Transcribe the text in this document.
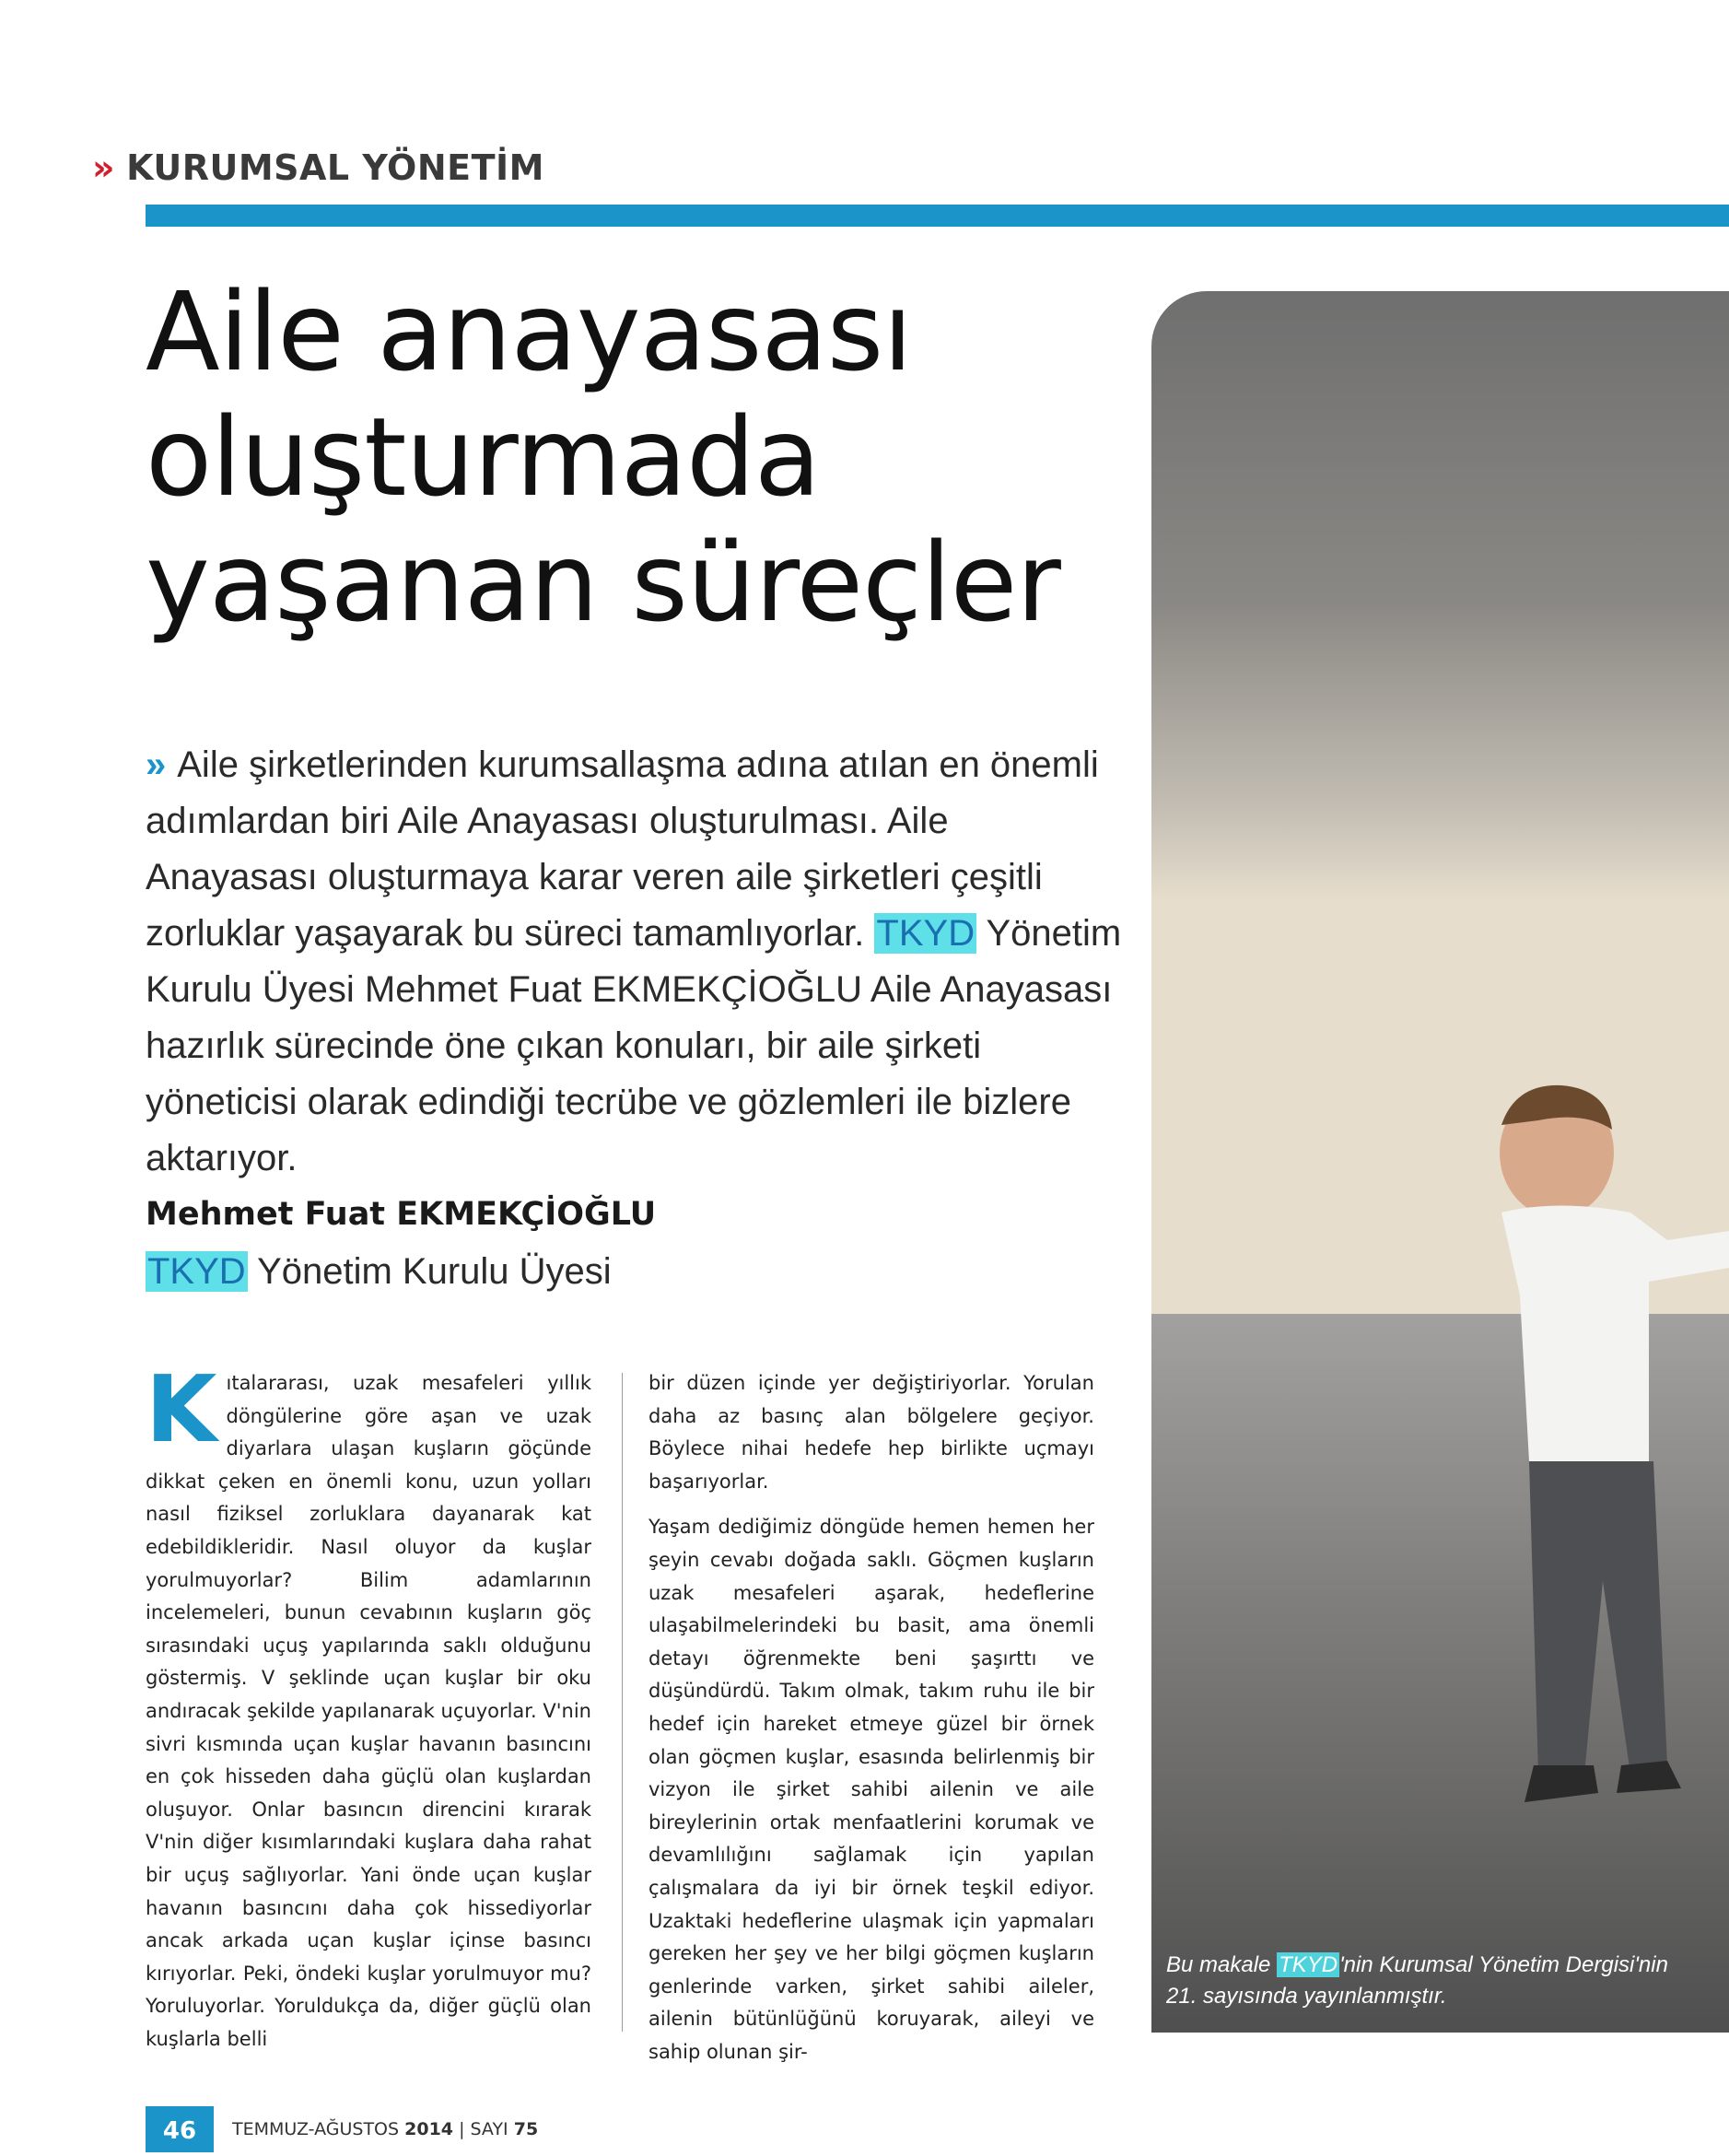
» KURUMSAL YÖNETİM
Aile anayasası
oluşturmada
yaşanan süreçler

» Aile şirketlerinden kurumsallaşma adına atılan en önemli adımlardan biri Aile Anayasası oluşturulması. Aile Anayasası oluşturmaya karar veren aile şirketleri çeşitli zorluklar yaşayarak bu süreci tamamlıyorlar. TKYD Yönetim Kurulu Üyesi Mehmet Fuat EKMEKÇİOĞLU Aile Anayasası hazırlık sürecinde öne çıkan konuları, bir aile şirketi yöneticisi olarak edindiği tecrübe ve gözlemleri ile bizlere aktarıyor.

Mehmet Fuat EKMEKÇİOĞLU
TKYD Yönetim Kurulu Üyesi

Kıtalararası, uzak mesafeleri yıllık döngülerine göre aşan ve uzak diyarlara ulaşan kuşların göçünde dikkat çeken en önemli konu, uzun yolları nasıl fiziksel zorluklara dayanarak kat edebildikleridir. Nasıl oluyor da kuşlar yorulmuyorlar? Bilim adamlarının incelemeleri, bunun cevabının kuşların göç sırasındaki uçuş yapılarında saklı olduğunu göstermiş. V şeklinde uçan kuşlar bir oku andıracak şekilde yapılanarak uçuyorlar. V'nin sivri kısmında uçan kuşlar havanın basıncını en çok hisseden daha güçlü olan kuşlardan oluşuyor. Onlar basıncın direncini kırarak V'nin diğer kısımlarındaki kuşlara daha rahat bir uçuş sağlıyorlar. Yani önde uçan kuşlar havanın basıncını daha çok hissediyorlar ancak arkada uçan kuşlar içinse basıncı kırıyorlar. Peki, öndeki kuşlar yorulmuyor mu? Yoruluyorlar. Yoruldukça da, diğer güçlü olan kuşlarla belli

bir düzen içinde yer değiştiriyorlar. Yorulan daha az basınç alan bölgelere geçiyor. Böylece nihai hedefe hep birlikte uçmayı başarıyorlar.

Yaşam dediğimiz döngüde hemen hemen her şeyin cevabı doğada saklı. Göçmen kuşların uzak mesafeleri aşarak, hedeflerine ulaşabilmelerindeki bu basit, ama önemli detayı öğrenmekte beni şaşırttı ve düşündürdü. Takım olmak, takım ruhu ile bir hedef için hareket etmeye güzel bir örnek olan göçmen kuşlar, esasında belirlenmiş bir vizyon ile şirket sahibi ailenin ve aile bireylerinin ortak menfaatlerini korumak ve devamlılığını sağlamak için yapılan çalışmalara da iyi bir örnek teşkil ediyor. Uzaktaki hedeflerine ulaşmak için yapmaları gereken her şey ve her bilgi göçmen kuşların genlerinde varken, şirket sahibi aileler, ailenin bütünlüğünü koruyarak, aileyi ve sahip olunan şir-

Bu makale TKYD'nin Kurumsal Yönetim Dergisi'nin 21. sayısında yayınlanmıştır.
46	TEMMUZ-AĞUSTOS 2014 | SAYI 75
